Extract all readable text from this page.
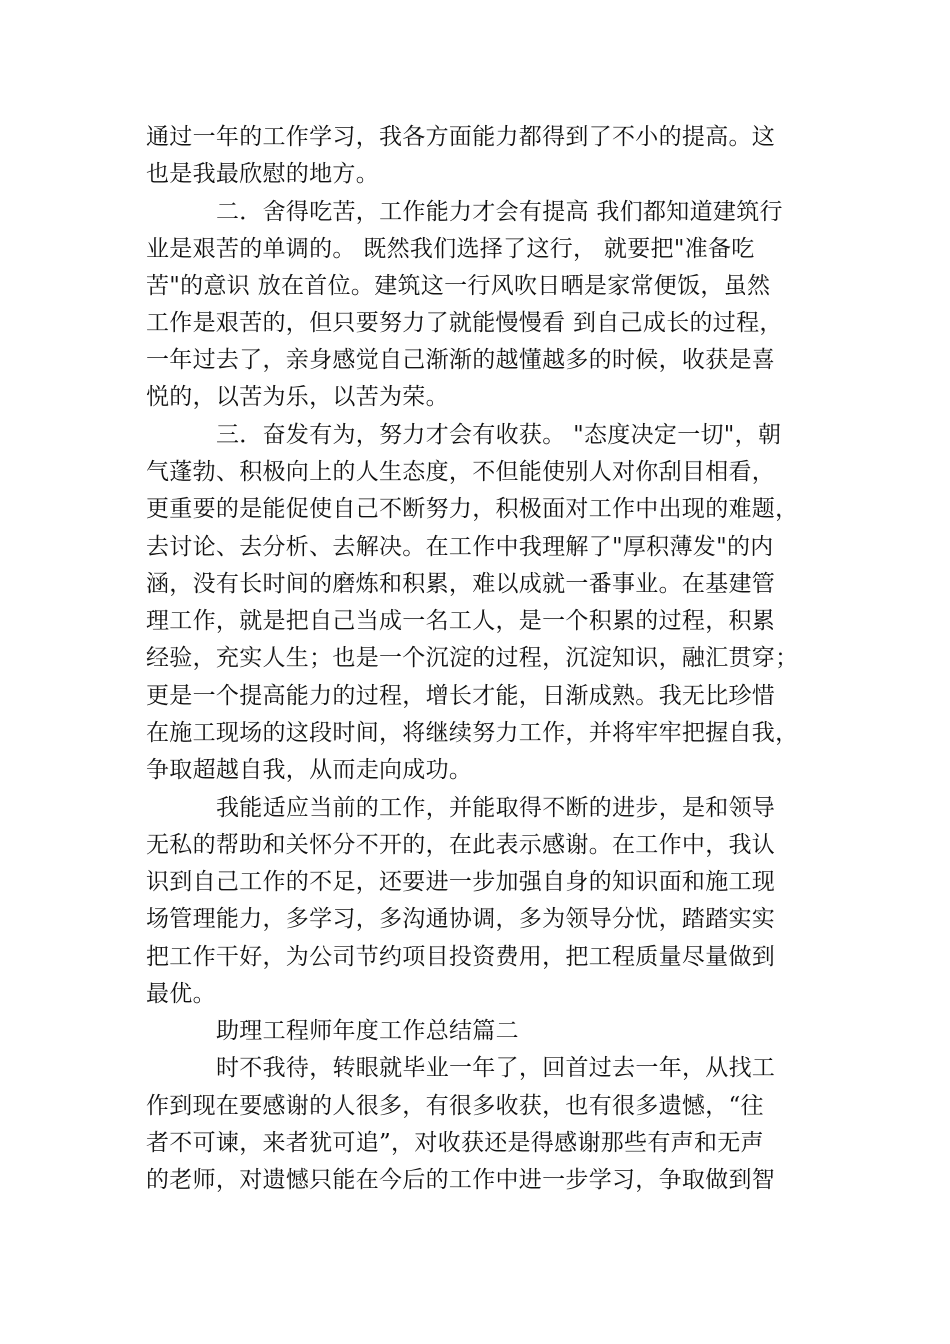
通过一年的工作学习，我各方面能力都得到了不小的提高。这
也是我最欣慰的地方。
二．舍得吃苦，工作能力才会有提高 我们都知道建筑行
业是艰苦的单调的。 既然我们选择了这行， 就要把"准备吃
苦"的意识 放在首位。建筑这一行风吹日晒是家常便饭，虽然
工作是艰苦的，但只要努力了就能慢慢看 到自己成长的过程，
一年过去了，亲身感觉自己渐渐的越懂越多的时候，收获是喜
悦的，以苦为乐，以苦为荣。
三．奋发有为，努力才会有收获。 "态度决定一切"，朝
气蓬勃、积极向上的人生态度，不但能使别人对你刮目相看，
更重要的是能促使自己不断努力，积极面对工作中出现的难题，
去讨论、去分析、去解决。在工作中我理解了"厚积薄发"的内
涵，没有长时间的磨炼和积累，难以成就一番事业。在基建管
理工作，就是把自己当成一名工人，是一个积累的过程，积累
经验，充实人生；也是一个沉淀的过程，沉淀知识，融汇贯穿；
更是一个提高能力的过程，增长才能，日渐成熟。我无比珍惜
在施工现场的这段时间，将继续努力工作，并将牢牢把握自我，
争取超越自我，从而走向成功。
我能适应当前的工作，并能取得不断的进步，是和领导
无私的帮助和关怀分不开的，在此表示感谢。在工作中，我认
识到自己工作的不足，还要进一步加强自身的知识面和施工现
场管理能力，多学习，多沟通协调，多为领导分忧，踏踏实实
把工作干好，为公司节约项目投资费用，把工程质量尽量做到
最优。
助理工程师年度工作总结篇二
时不我待，转眼就毕业一年了，回首过去一年，从找工
作到现在要感谢的人很多，有很多收获，也有很多遗憾，“往
者不可谏，来者犹可追”，对收获还是得感谢那些有声和无声
的老师，对遗憾只能在今后的工作中进一步学习，争取做到智
